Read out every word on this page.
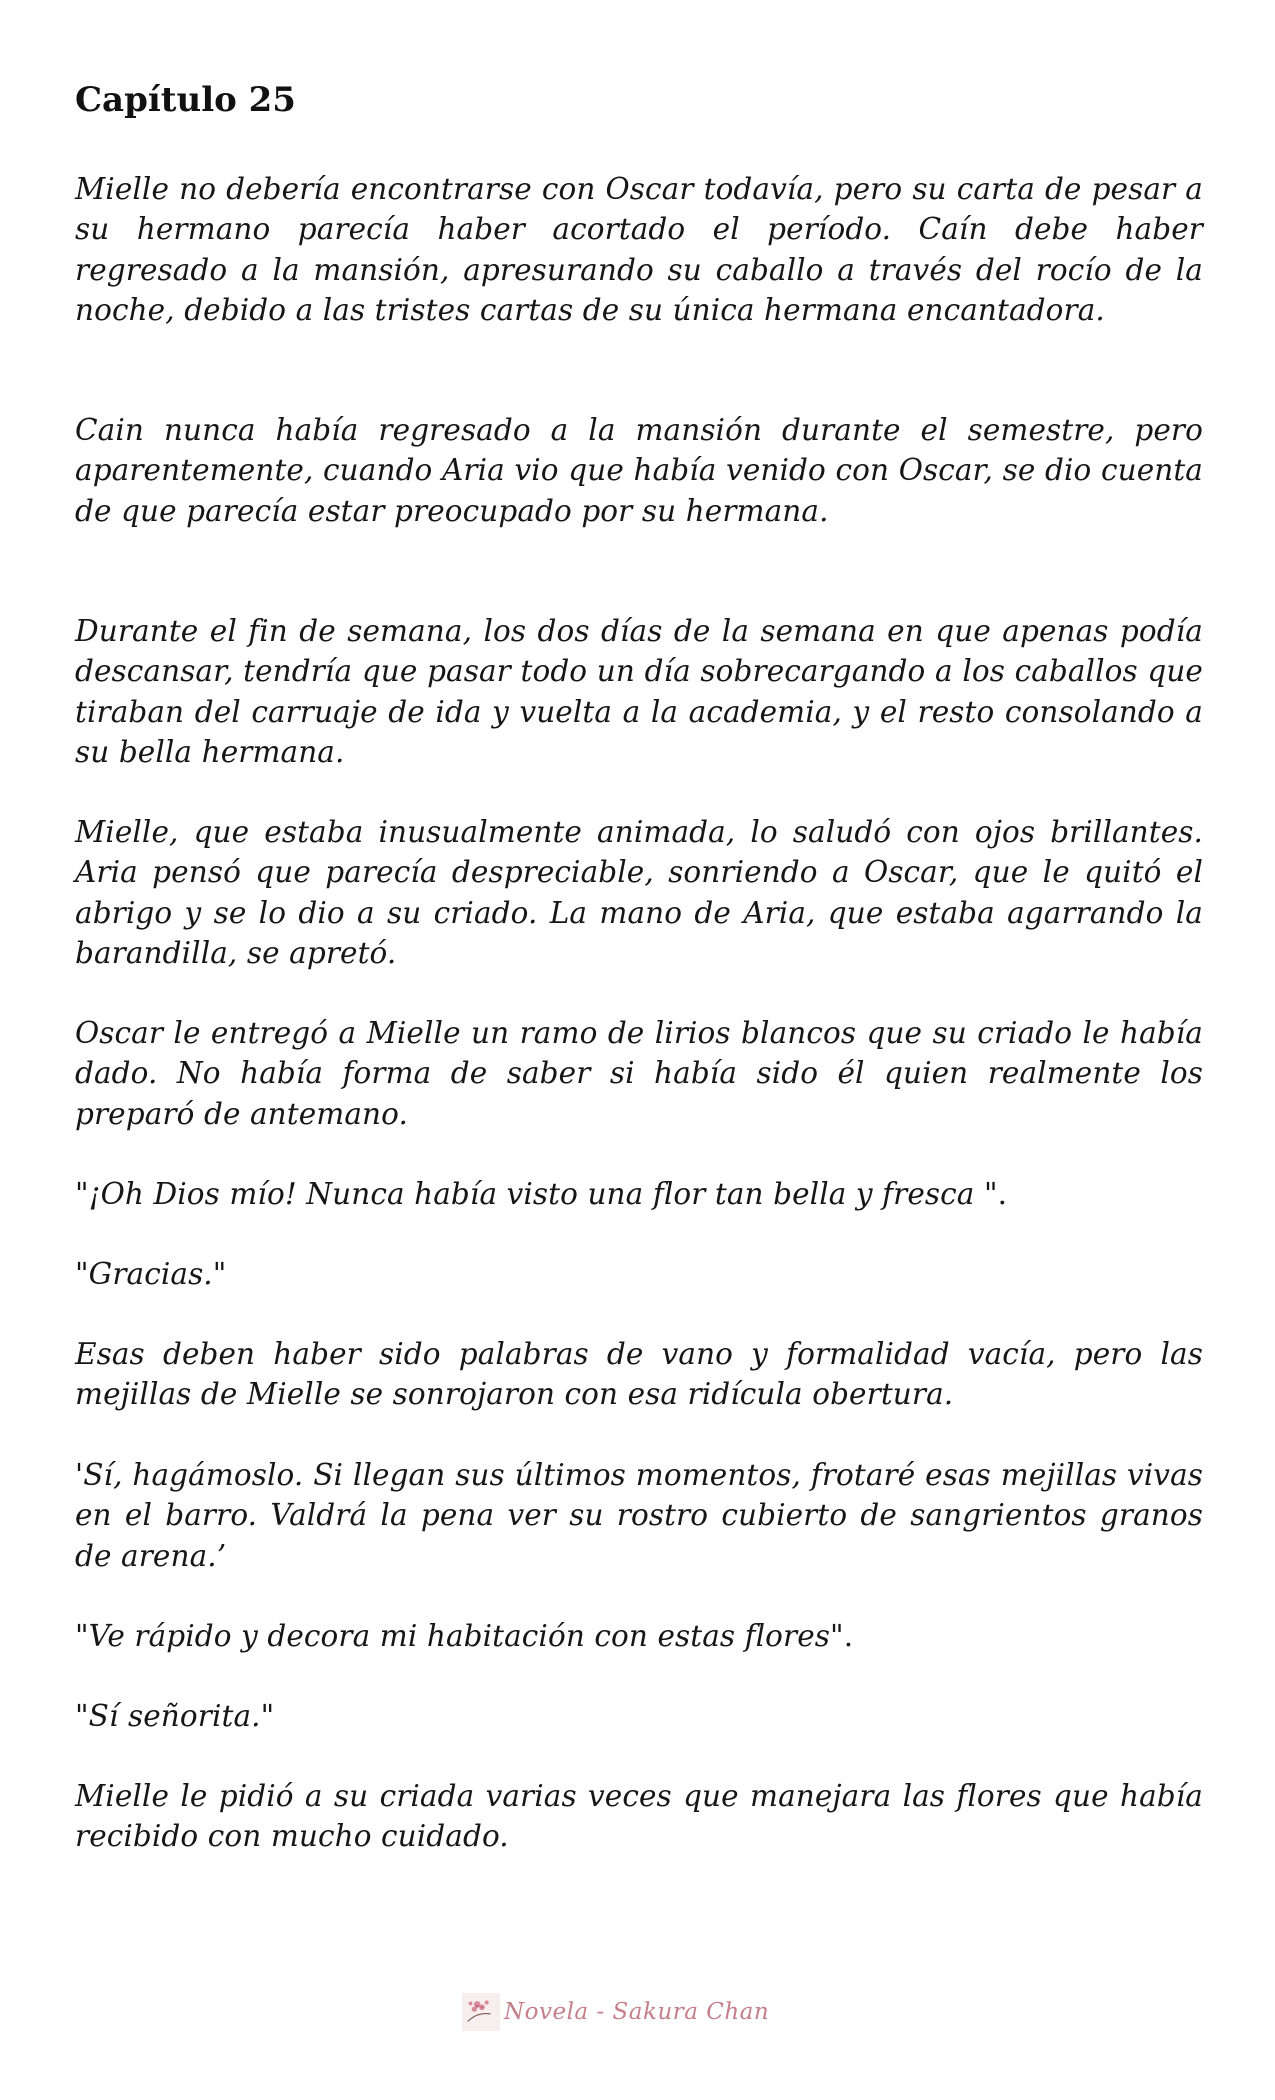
Capítulo 25

Mielle no debería encontrarse con Oscar todavía, pero su carta de pesar a su hermano parecía haber acortado el período. Caín debe haber regresado a la mansión, apresurando su caballo a través del rocío de la noche, debido a las tristes cartas de su única hermana encantadora.

Cain nunca había regresado a la mansión durante el semestre, pero aparentemente, cuando Aria vio que había venido con Oscar, se dio cuenta de que parecía estar preocupado por su hermana.

Durante el fin de semana, los dos días de la semana en que apenas podía descansar, tendría que pasar todo un día sobrecargando a los caballos que tiraban del carruaje de ida y vuelta a la academia, y el resto consolando a su bella hermana.

Mielle, que estaba inusualmente animada, lo saludó con ojos brillantes. Aria pensó que parecía despreciable, sonriendo a Oscar, que le quitó el abrigo y se lo dio a su criado. La mano de Aria, que estaba agarrando la barandilla, se apretó.

Oscar le entregó a Mielle un ramo de lirios blancos que su criado le había dado. No había forma de saber si había sido él quien realmente los preparó de antemano.

"¡Oh Dios mío! Nunca había visto una flor tan bella y fresca ".

"Gracias."

Esas deben haber sido palabras de vano y formalidad vacía, pero las mejillas de Mielle se sonrojaron con esa ridícula obertura.

'Sí, hagámoslo. Si llegan sus últimos momentos, frotaré esas mejillas vivas en el barro. Valdrá la pena ver su rostro cubierto de sangrientos granos de arena.’

"Ve rápido y decora mi habitación con estas flores".

"Sí señorita."

Mielle le pidió a su criada varias veces que manejara las flores que había recibido con mucho cuidado.

Novela - Sakura Chan
